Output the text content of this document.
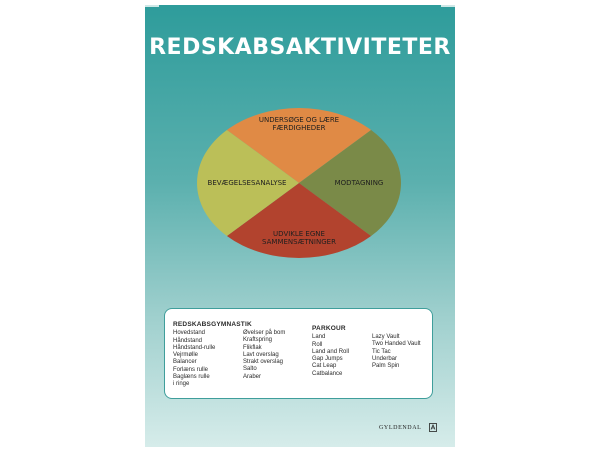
REDSKABSAKTIVITETER
UNDERSØGE OG LÆRE
FÆRDIGHEDER
MODTAGNING
UDVIKLE EGNE
SAMMENSÆTNINGER
BEVÆGELSESANALYSE
REDSKABSGYMNASTIK
Hovedstand
Håndstand
Håndstand-rulle
Vejrmølle
Balancer
Forlæns rulle
Baglæns rulle
i ringe
Øvelser på bom
Kraftspring
Flikflak
Lavt overslag
Strakt overslag
Salto
Araber
PARKOUR
Land
Roll
Land and Roll
Gap Jumps
Cat Leap
Catbalance
Lazy Vault
Two Handed Vault
Tic Tac
Underbar
Palm Spin
GYLDENDAL
